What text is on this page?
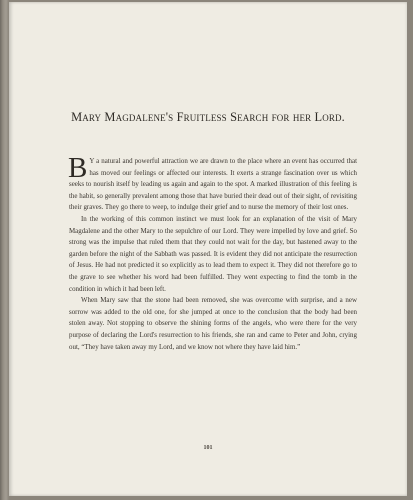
Mary Magdalene's Fruitless Search for her Lord.

B Y a natural and powerful attraction we are drawn to the place where an event has occurred that has moved our feelings or affected our interests. It exerts a strange fascination over us which seeks to nourish itself by leading us again and again to the spot. A marked illustration of this feeling is the habit, so generally prevalent among those that have buried their dead out of their sight, of revisiting their graves. They go there to weep, to indulge their grief and to nurse the memory of their lost ones.

In the working of this common instinct we must look for an explanation of the visit of Mary Magdalene and the other Mary to the sepulchre of our Lord. They were impelled by love and grief. So strong was the impulse that ruled them that they could not wait for the day, but hastened away to the garden before the night of the Sabbath was passed. It is evident they did not anticipate the resurrection of Jesus. He had not predicted it so explicitly as to lead them to expect it. They did not therefore go to the grave to see whether his word had been fulfilled. They went expecting to find the tomb in the condition in which it had been left.

When Mary saw that the stone had been removed, she was overcome with surprise, and a new sorrow was added to the old one, for she jumped at once to the conclusion that the body had been stolen away. Not stopping to observe the shining forms of the angels, who were there for the very purpose of declaring the Lord's resurrection to his friends, she ran and came to Peter and John, crying out, “They have taken away my Lord, and we know not where they have laid him.”

101
